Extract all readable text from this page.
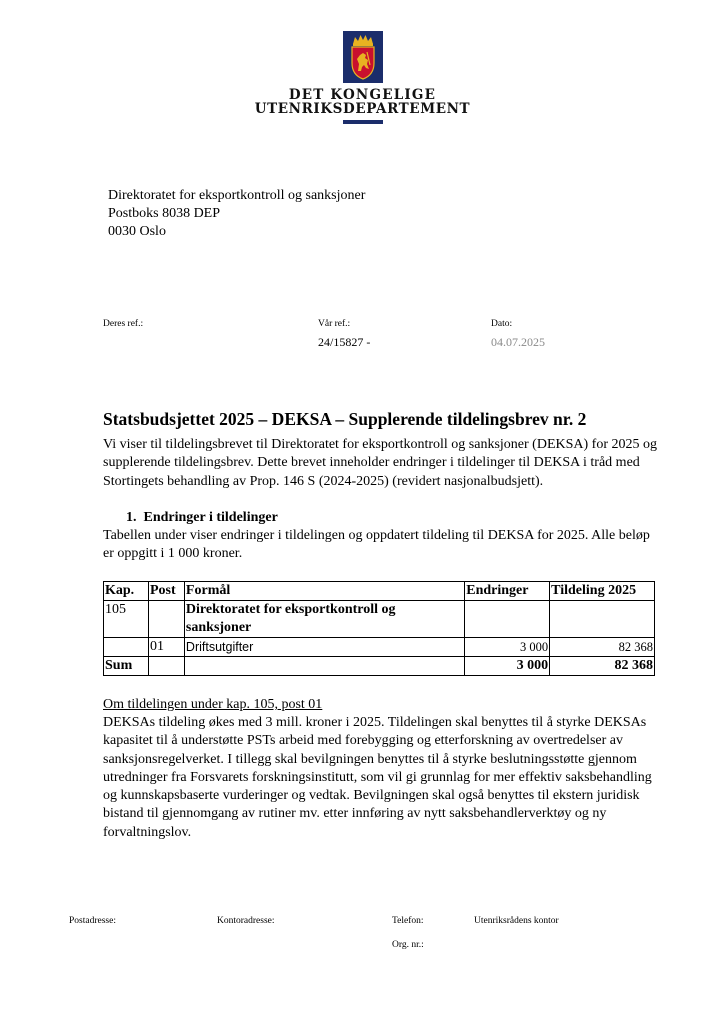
DET KONGELIGE
UTENRIKSDEPARTEMENT
Direktoratet for eksportkontroll og sanksjoner
Postboks 8038 DEP
0030 Oslo
Deres ref.:	Vår ref.:
24/15827 -
Dato:
04.07.2025
Statsbudsjettet 2025 – DEKSA – Supplerende tildelingsbrev nr. 2
Vi viser til tildelingsbrevet til Direktoratet for eksportkontroll og sanksjoner (DEKSA) for 2025 og supplerende tildelingsbrev. Dette brevet inneholder endringer i tildelinger til DEKSA i tråd med Stortingets behandling av Prop. 146 S (2024-2025) (revidert nasjonalbudsjett).
1. Endringer i tildelinger
Tabellen under viser endringer i tildelingen og oppdatert tildeling til DEKSA for 2025. Alle beløp er oppgitt i 1 000 kroner.
Kap.	Post	Formål	Endringer	Tildeling 2025
105		Direktoratet for eksportkontroll og sanksjoner		
	01	Driftsutgifter	3 000	82 368
Sum			3 000	82 368
Om tildelingen under kap. 105, post 01
DEKSAs tildeling økes med 3 mill. kroner i 2025. Tildelingen skal benyttes til å styrke DEKSAs kapasitet til å understøtte PSTs arbeid med forebygging og etterforskning av overtredelser av sanksjonsregelverket. I tillegg skal bevilgningen benyttes til å styrke beslutningsstøtte gjennom utredninger fra Forsvarets forskningsinstitutt, som vil gi grunnlag for mer effektiv saksbehandling og kunnskapsbaserte vurderinger og vedtak. Bevilgningen skal også benyttes til ekstern juridisk bistand til gjennomgang av rutiner mv. etter innføring av nytt saksbehandlerverktøy og ny forvaltningslov.
Postadresse:	Kontoradresse:	Telefon:	Utenriksrådens kontor
Org. nr.:
